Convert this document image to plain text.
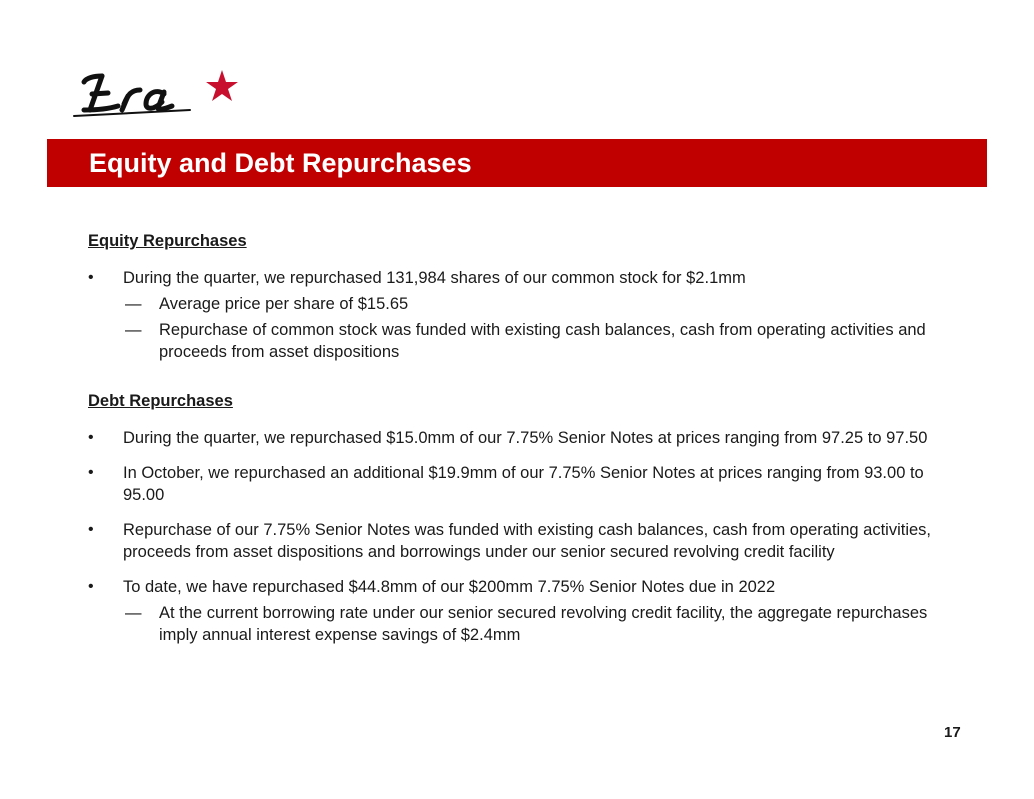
Equity and Debt Repurchases
Equity Repurchases
• During the quarter, we repurchased 131,984 shares of our common stock for $2.1mm
— Average price per share of $15.65
— Repurchase of common stock was funded with existing cash balances, cash from operating activities and proceeds from asset dispositions
Debt Repurchases
• During the quarter, we repurchased $15.0mm of our 7.75% Senior Notes at prices ranging from 97.25 to 97.50
• In October, we repurchased an additional $19.9mm of our 7.75% Senior Notes at prices ranging from 93.00 to 95.00
• Repurchase of our 7.75% Senior Notes was funded with existing cash balances, cash from operating activities, proceeds from asset dispositions and borrowings under our senior secured revolving credit facility
• To date, we have repurchased $44.8mm of our $200mm 7.75% Senior Notes due in 2022
— At the current borrowing rate under our senior secured revolving credit facility, the aggregate repurchases imply annual interest expense savings of $2.4mm
17
